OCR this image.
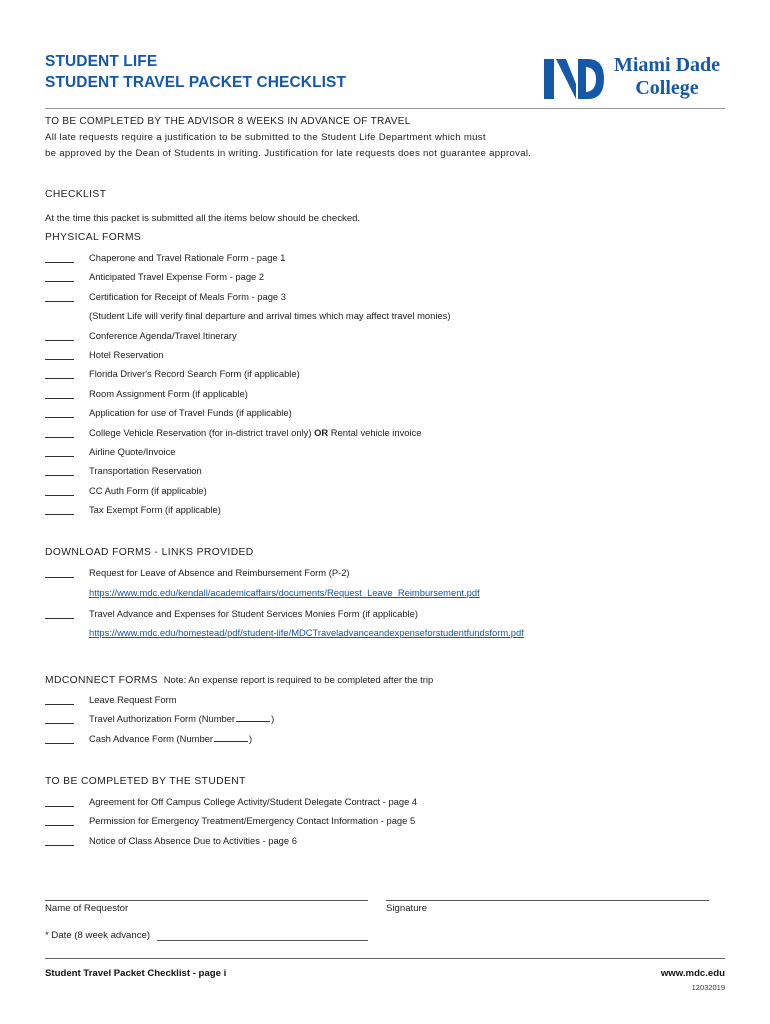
STUDENT LIFE
STUDENT TRAVEL PACKET CHECKLIST
Miami Dade
College
TO BE COMPLETED BY THE ADVISOR 8 WEEKS IN ADVANCE OF TRAVEL
All late requests require a justification to be submitted to the Student Life Department which must
be approved by the Dean of Students in writing. Justification for late requests does not guarantee approval.
CHECKLIST
At the time this packet is submitted all the items below should be checked.
PHYSICAL FORMS
Chaperone and Travel Rationale Form - page 1
Anticipated Travel Expense Form - page 2
Certification for Receipt of Meals Form - page 3
(Student Life will verify final departure and arrival times which may affect travel monies)
Conference Agenda/Travel Itinerary
Hotel Reservation
Florida Driver's Record Search Form (if applicable)
Room Assignment Form (if applicable)
Application for use of Travel Funds (if applicable)
College Vehicle Reservation (for in-district travel only) OR Rental vehicle invoice
Airline Quote/Invoice
Transportation Reservation
CC Auth Form (if applicable)
Tax Exempt Form (if applicable)
DOWNLOAD FORMS - LINKS PROVIDED
Request for Leave of Absence and Reimbursement Form (P-2)
https://www.mdc.edu/kendall/academicaffairs/documents/Request_Leave_Reimbursement.pdf
Travel Advance and Expenses for Student Services Monies Form (if applicable)
https://www.mdc.edu/homestead/pdf/student-life/MDCTraveladvanceandexpenseforstudentfundsform.pdf
MDCONNECT FORMS Note: An expense report is required to be completed after the trip
Leave Request Form
Travel Authorization Form (Number	)
Cash Advance Form (Number	)
TO BE COMPLETED BY THE STUDENT
Agreement for Off Campus College Activity/Student Delegate Contract - page 4
Permission for Emergency Treatment/Emergency Contact Information - page 5
Notice of Class Absence Due to Activities - page 6
Name of Requestor	Signature
* Date (8 week advance)
Student Travel Packet Checklist - page i	www.mdc.edu
12032019
